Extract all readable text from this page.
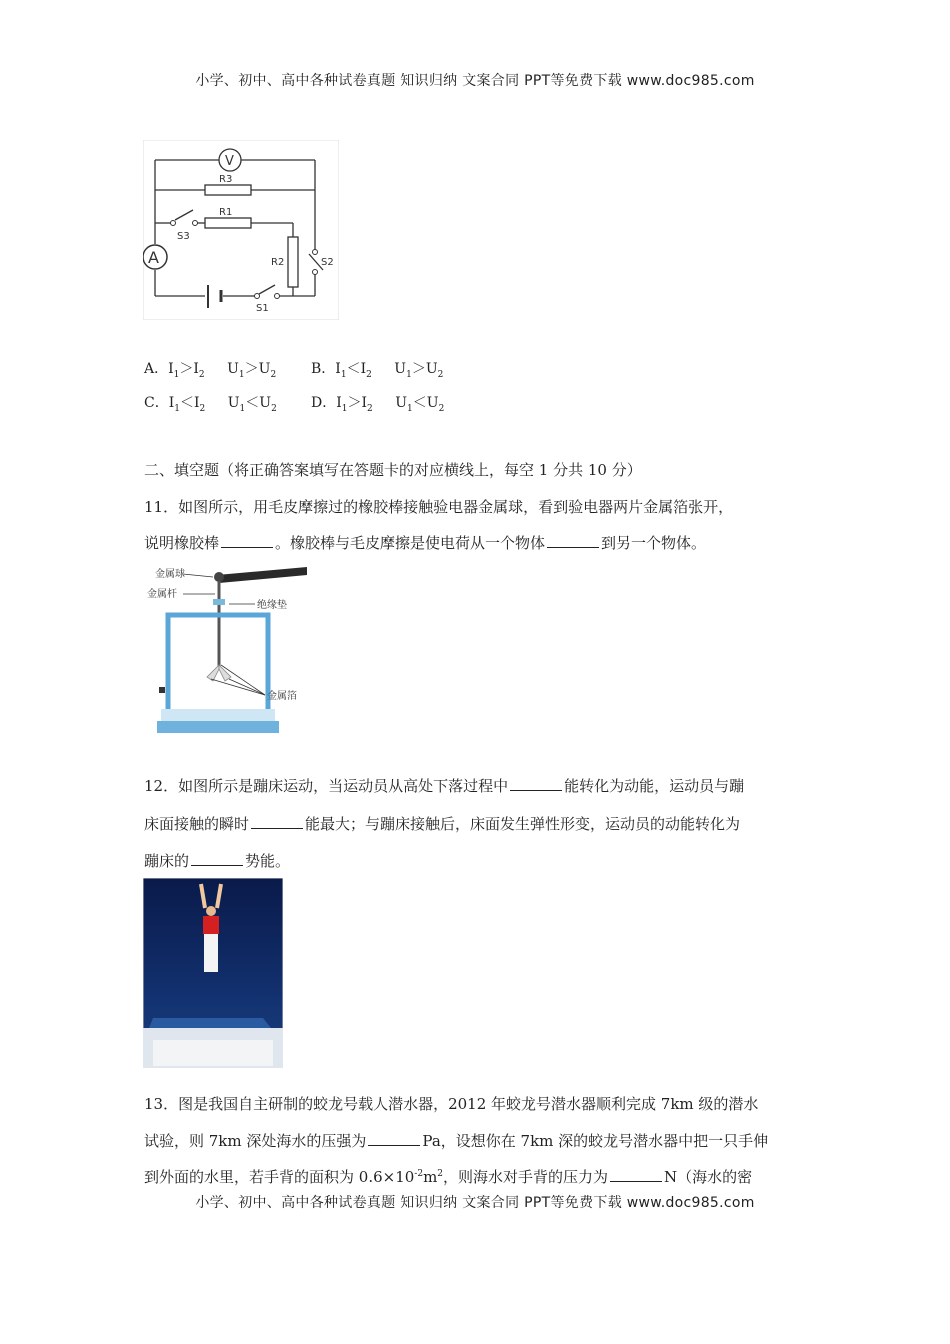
小学、初中、高中各种试卷真题 知识归纳 文案合同 PPT等免费下载 www.doc985.com
V
A
R3
R1
R2
S3
S2
S1
A．$I_1>I_2$ $U_1>U_2$ B．$I_1<I_2$ $U_1>U_2$
C．$I_1<I_2$ $U_1<U_2$ D．$I_1>I_2$ $U_1<U_2$
二、填空题（将正确答案填写在答题卡的对应横线上，每空 1 分共 10 分）
11．如图所示，用毛皮摩擦过的橡胶棒接触验电器金属球，看到验电器两片金属箔张开，
说明橡胶棒	。橡胶棒与毛皮摩擦是使电荷从一个物体	到另一个物体。
金属球
金属杆
绝缘垫
金属箔
12．如图所示是蹦床运动，当运动员从高处下落过程中	能转化为动能，运动员与蹦
床面接触的瞬时	能最大；与蹦床接触后，床面发生弹性形变，运动员的动能转化为
蹦床的	势能。
13．图是我国自主研制的蛟龙号载人潜水器，2012 年蛟龙号潜水器顺利完成 7km 级的潜水
试验，则 7km 深处海水的压强为	Pa，设想你在 7km 深的蛟龙号潜水器中把一只手伸
到外面的水里，若手背的面积为 $0.6\times 10^{-2}m^2$，则海水对手背的压力为	N（海水的密
小学、初中、高中各种试卷真题 知识归纳 文案合同 PPT等免费下载 www.doc985.com
